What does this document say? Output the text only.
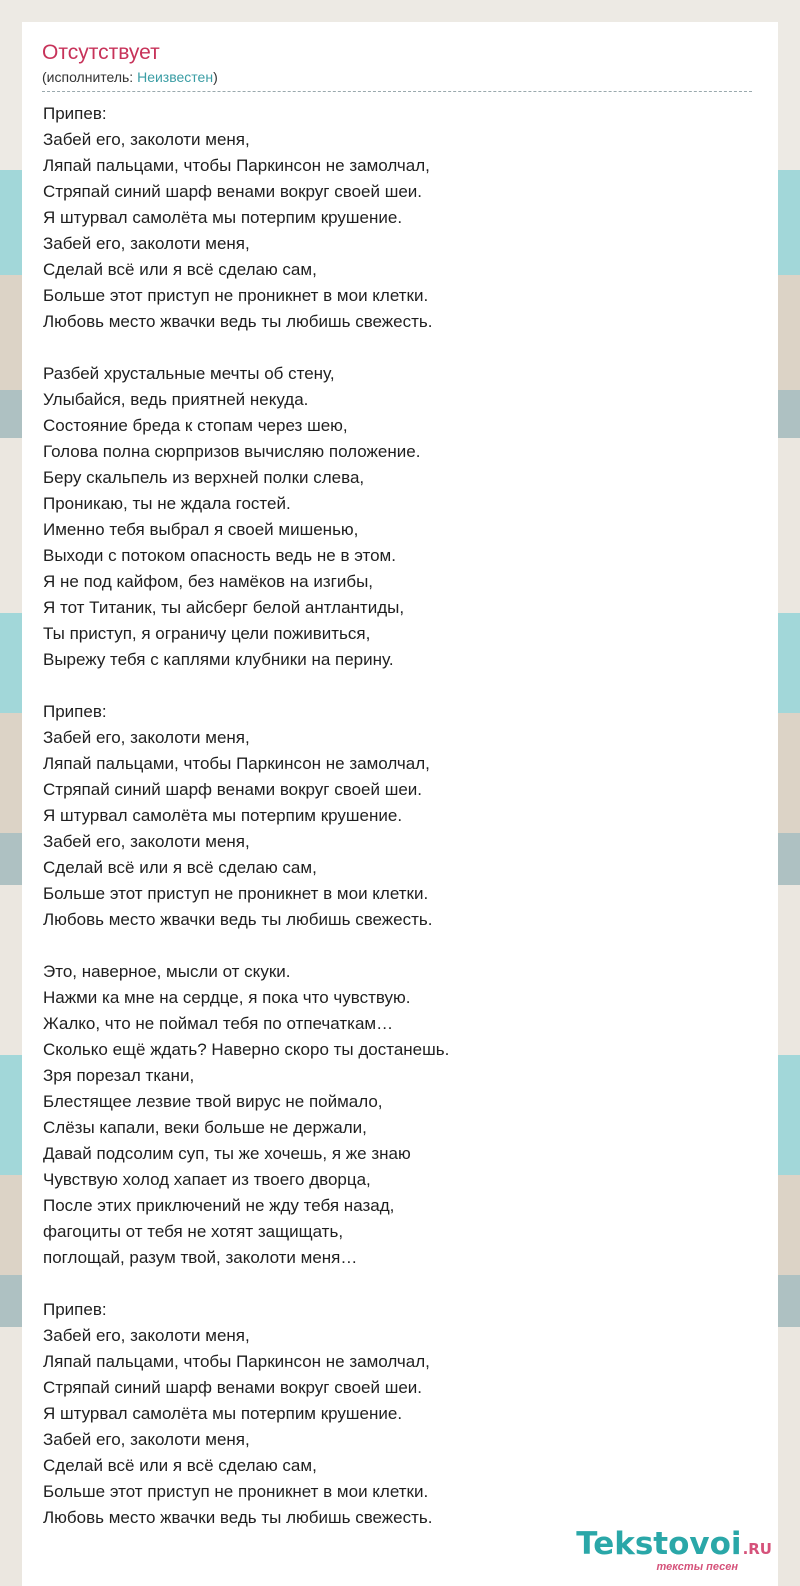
Отсутствует
(исполнитель: Неизвестен)
Припев:
Забей его, заколоти меня,
Ляпай пальцами, чтобы Паркинсон не замолчал,
Стряпай синий шарф венами вокруг своей шеи.
Я штурвал самолёта мы потерпим крушение.
Забей его, заколоти меня,
Сделай всё или я всё сделаю сам,
Больше этот приступ не проникнет в мои клетки.
Любовь место жвачки ведь ты любишь свежесть.
Разбей хрустальные мечты об стену,
Улыбайся, ведь приятней некуда.
Состояние бреда к стопам через шею,
Голова полна сюрпризов вычисляю положение.
Беру скальпель из верхней полки слева,
Проникаю, ты не ждала гостей.
Именно тебя выбрал я своей мишенью,
Выходи с потоком опасность ведь не в этом.
Я не под кайфом, без намёков на изгибы,
Я тот Титаник, ты айсберг белой антлантиды,
Ты приступ, я ограничу цели поживиться,
Вырежу тебя с каплями клубники на перину.
Припев:
Забей его, заколоти меня,
Ляпай пальцами, чтобы Паркинсон не замолчал,
Стряпай синий шарф венами вокруг своей шеи.
Я штурвал самолёта мы потерпим крушение.
Забей его, заколоти меня,
Сделай всё или я всё сделаю сам,
Больше этот приступ не проникнет в мои клетки.
Любовь место жвачки ведь ты любишь свежесть.
Это, наверное, мысли от скуки.
Нажми ка мне на сердце, я пока что чувствую.
Жалко, что не поймал тебя по отпечаткам…
Сколько ещё ждать? Наверно скоро ты достанешь.
Зря порезал ткани,
Блестящее лезвие твой вирус не поймало,
Слёзы капали, веки больше не держали,
Давай подсолим суп, ты же хочешь, я же знаю
Чувствую холод хапает из твоего дворца,
После этих приключений не жду тебя назад,
фагоциты от тебя не хотят защищать,
поглощай, разум твой, заколоти меня…
Припев:
Забей его, заколоти меня,
Ляпай пальцами, чтобы Паркинсон не замолчал,
Стряпай синий шарф венами вокруг своей шеи.
Я штурвал самолёта мы потерпим крушение.
Забей его, заколоти меня,
Сделай всё или я всё сделаю сам,
Больше этот приступ не проникнет в мои клетки.
Любовь место жвачки ведь ты любишь свежесть.
Tekstovoi.RU
тексты песен
